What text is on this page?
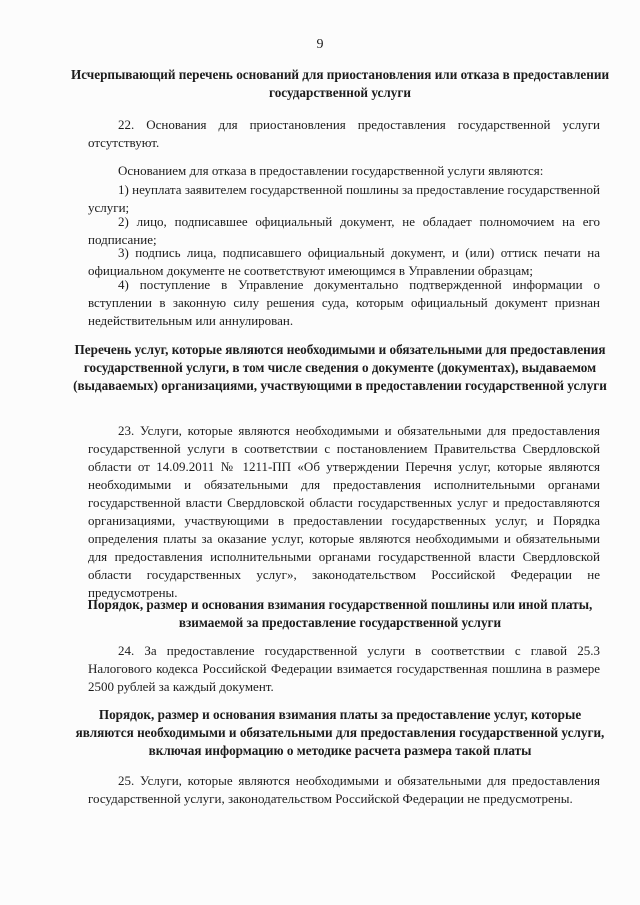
9

Исчерпывающий перечень оснований для приостановления или отказа в предоставлении государственной услуги

22. Основания для приостановления предоставления государственной услуги отсутствуют.

Основанием для отказа в предоставлении государственной услуги являются:

1) неуплата заявителем государственной пошлины за предоставление государственной услуги;

2) лицо, подписавшее официальный документ, не обладает полномочием на его подписание;

3) подпись лица, подписавшего официальный документ, и (или) оттиск печати на официальном документе не соответствуют имеющимся в Управлении образцам;

4) поступление в Управление документально подтвержденной информации о вступлении в законную силу решения суда, которым официальный документ признан недействительным или аннулирован.

Перечень услуг, которые являются необходимыми и обязательными для предоставления государственной услуги, в том числе сведения о документе (документах), выдаваемом (выдаваемых) организациями, участвующими в предоставлении государственной услуги

23. Услуги, которые являются необходимыми и обязательными для предоставления государственной услуги в соответствии с постановлением Правительства Свердловской области от 14.09.2011 № 1211-ПП «Об утверждении Перечня услуг, которые являются необходимыми и обязательными для предоставления исполнительными органами государственной власти Свердловской области государственных услуг и предоставляются организациями, участвующими в предоставлении государственных услуг, и Порядка определения платы за оказание услуг, которые являются необходимыми и обязательными для предоставления исполнительными органами государственной власти Свердловской области государственных услуг», законодательством Российской Федерации не предусмотрены.

Порядок, размер и основания взимания государственной пошлины или иной платы, взимаемой за предоставление государственной услуги

24. За предоставление государственной услуги в соответствии с главой 25.3 Налогового кодекса Российской Федерации взимается государственная пошлина в размере 2500 рублей за каждый документ.

Порядок, размер и основания взимания платы за предоставление услуг, которые являются необходимыми и обязательными для предоставления государственной услуги, включая информацию о методике расчета размера такой платы

25. Услуги, которые являются необходимыми и обязательными для предоставления государственной услуги, законодательством Российской Федерации не предусмотрены.
